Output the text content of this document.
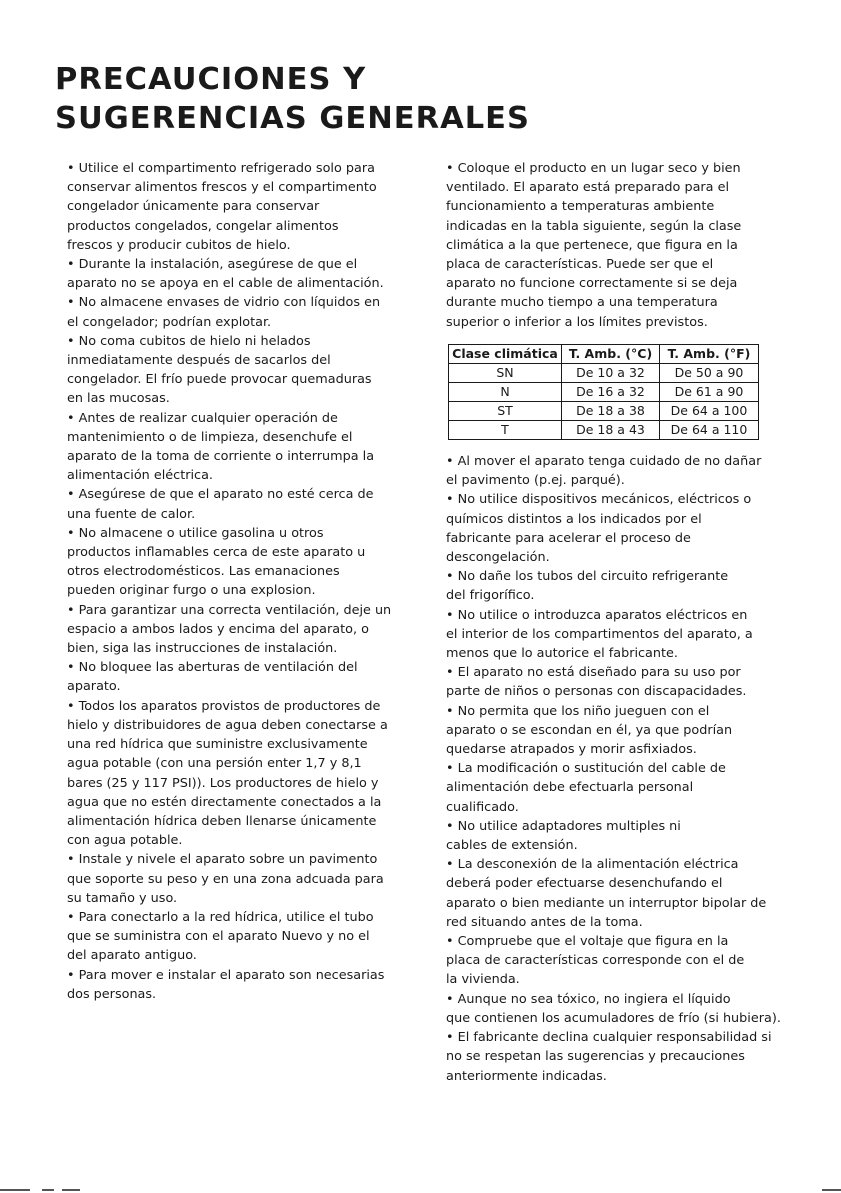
PRECAUCIONES Y
SUGERENCIAS GENERALES
• Utilice el compartimento refrigerado solo para
conservar alimentos frescos y el compartimento
congelador únicamente para conservar
productos congelados, congelar alimentos
frescos y producir cubitos de hielo.
• Durante la instalación, asegúrese de que el
aparato no se apoya en el cable de alimentación.
• No almacene envases de vidrio con líquidos en
el congelador; podrían explotar.
• No coma cubitos de hielo ni helados
inmediatamente después de sacarlos del
congelador. El frío puede provocar quemaduras
en las mucosas.
• Antes de realizar cualquier operación de
mantenimiento o de limpieza, desenchufe el
aparato de la toma de corriente o interrumpa la
alimentación eléctrica.
• Asegúrese de que el aparato no esté cerca de
una fuente de calor.
• No almacene o utilice gasolina u otros
productos inflamables cerca de este aparato u
otros electrodomésticos. Las emanaciones
pueden originar furgo o una explosion.
• Para garantizar una correcta ventilación, deje un
espacio a ambos lados y encima del aparato, o
bien, siga las instrucciones de instalación.
• No bloquee las aberturas de ventilación del
aparato.
• Todos los aparatos provistos de productores de
hielo y distribuidores de agua deben conectarse a
una red hídrica que suministre exclusivamente
agua potable (con una persión enter 1,7 y 8,1
bares (25 y 117 PSI)). Los productores de hielo y
agua que no estén directamente conectados a la
alimentación hídrica deben llenarse únicamente
con agua potable.
• Instale y nivele el aparato sobre un pavimento
que soporte su peso y en una zona adcuada para
su tamaño y uso.
• Para conectarlo a la red hídrica, utilice el tubo
que se suministra con el aparato Nuevo y no el
del aparato antiguo.
• Para mover e instalar el aparato son necesarias
dos personas.
• Coloque el producto en un lugar seco y bien
ventilado. El aparato está preparado para el
funcionamiento a temperaturas ambiente
indicadas en la tabla siguiente, según la clase
climática a la que pertenece, que figura en la
placa de características. Puede ser que el
aparato no funcione correctamente si se deja
durante mucho tiempo a una temperatura
superior o inferior a los límites previstos.
Clase climática	T. Amb. (°C)	T. Amb. (°F)
SN	De 10 a 32	De 50 a 90
N	De 16 a 32	De 61 a 90
ST	De 18 a 38	De 64 a 100
T	De 18 a 43	De 64 a 110
• Al mover el aparato tenga cuidado de no dañar
el pavimento (p.ej. parqué).
• No utilice dispositivos mecánicos, eléctricos o
químicos distintos a los indicados por el
fabricante para acelerar el proceso de
descongelación.
• No dañe los tubos del circuito refrigerante
del frigorífico.
• No utilice o introduzca aparatos eléctricos en
el interior de los compartimentos del aparato, a
menos que lo autorice el fabricante.
• El aparato no está diseñado para su uso por
parte de niños o personas con discapacidades.
• No permita que los niño jueguen con el
aparato o se escondan en él, ya que podrían
quedarse atrapados y morir asfixiados.
• La modificación o sustitución del cable de
alimentación debe efectuarla personal
cualificado.
• No utilice adaptadores multiples ni
cables de extensión.
• La desconexión de la alimentación eléctrica
deberá poder efectuarse desenchufando el
aparato o bien mediante un interruptor bipolar de
red situando antes de la toma.
• Compruebe que el voltaje que figura en la
placa de características corresponde con el de
la vivienda.
• Aunque no sea tóxico, no ingiera el líquido
que contienen los acumuladores de frío (si hubiera).
• El fabricante declina cualquier responsabilidad si
no se respetan las sugerencias y precauciones
anteriormente indicadas.
